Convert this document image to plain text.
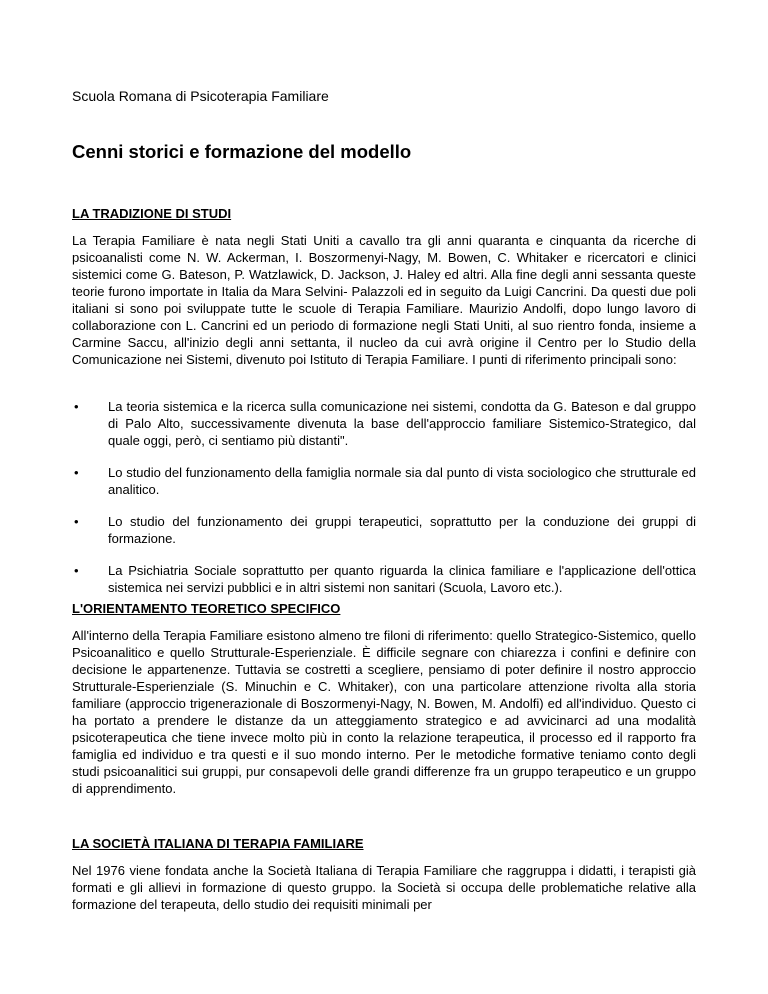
Scuola Romana di Psicoterapia Familiare

Cenni storici e formazione del modello
LA TRADIZIONE DI STUDI

La Terapia Familiare è nata negli Stati Uniti a cavallo tra gli anni quaranta e cinquanta da ricerche di psicoanalisti come N. W. Ackerman, I. Boszormenyi-Nagy, M. Bowen, C. Whitaker e ricercatori e clinici sistemici come G. Bateson, P. Watzlawick, D. Jackson, J. Haley ed altri. Alla fine degli anni sessanta queste teorie furono importate in Italia da Mara Selvini- Palazzoli ed in seguito da Luigi Cancrini. Da questi due poli italiani si sono poi sviluppate tutte le scuole di Terapia Familiare. Maurizio Andolfi, dopo lungo lavoro di collaborazione con L. Cancrini ed un periodo di formazione negli Stati Uniti, al suo rientro fonda, insieme a Carmine Saccu, all'inizio degli anni settanta, il nucleo da cui avrà origine il Centro per lo Studio della Comunicazione nei Sistemi, divenuto poi Istituto di Terapia Familiare. I punti di riferimento principali sono:

• La teoria sistemica e la ricerca sulla comunicazione nei sistemi, condotta da G. Bateson e dal gruppo di Palo Alto, successivamente divenuta la base dell'approccio familiare Sistemico-Strategico, dal quale oggi, però, ci sentiamo più distanti".
• Lo studio del funzionamento della famiglia normale sia dal punto di vista sociologico che strutturale ed analitico.
• Lo studio del funzionamento dei gruppi terapeutici, soprattutto per la conduzione dei gruppi di formazione.
• La Psichiatria Sociale soprattutto per quanto riguarda la clinica familiare e l'applicazione dell'ottica sistemica nei servizi pubblici e in altri sistemi non sanitari (Scuola, Lavoro etc.).
L'ORIENTAMENTO TEORETICO SPECIFICO

All'interno della Terapia Familiare esistono almeno tre filoni di riferimento: quello Strategico-Sistemico, quello Psicoanalitico e quello Strutturale-Esperienziale. È difficile segnare con chiarezza i confini e definire con decisione le appartenenze. Tuttavia se costretti a scegliere, pensiamo di poter definire il nostro approccio Strutturale-Esperienziale (S. Minuchin e C. Whitaker), con una particolare attenzione rivolta alla storia familiare (approccio trigenerazionale di Boszormenyi-Nagy, N. Bowen, M. Andolfi) ed all'individuo. Questo ci ha portato a prendere le distanze da un atteggiamento strategico e ad avvicinarci ad una modalità psicoterapeutica che tiene invece molto più in conto la relazione terapeutica, il processo ed il rapporto fra famiglia ed individuo e tra questi e il suo mondo interno. Per le metodiche formative teniamo conto degli studi psicoanalitici sui gruppi, pur consapevoli delle grandi differenze fra un gruppo terapeutico e un gruppo di apprendimento.

LA SOCIETÀ ITALIANA DI TERAPIA FAMILIARE

Nel 1976 viene fondata anche la Società Italiana di Terapia Familiare che raggruppa i didatti, i terapisti già formati e gli allievi in formazione di questo gruppo. la Società si occupa delle problematiche relative alla formazione del terapeuta, dello studio dei requisiti minimali per
